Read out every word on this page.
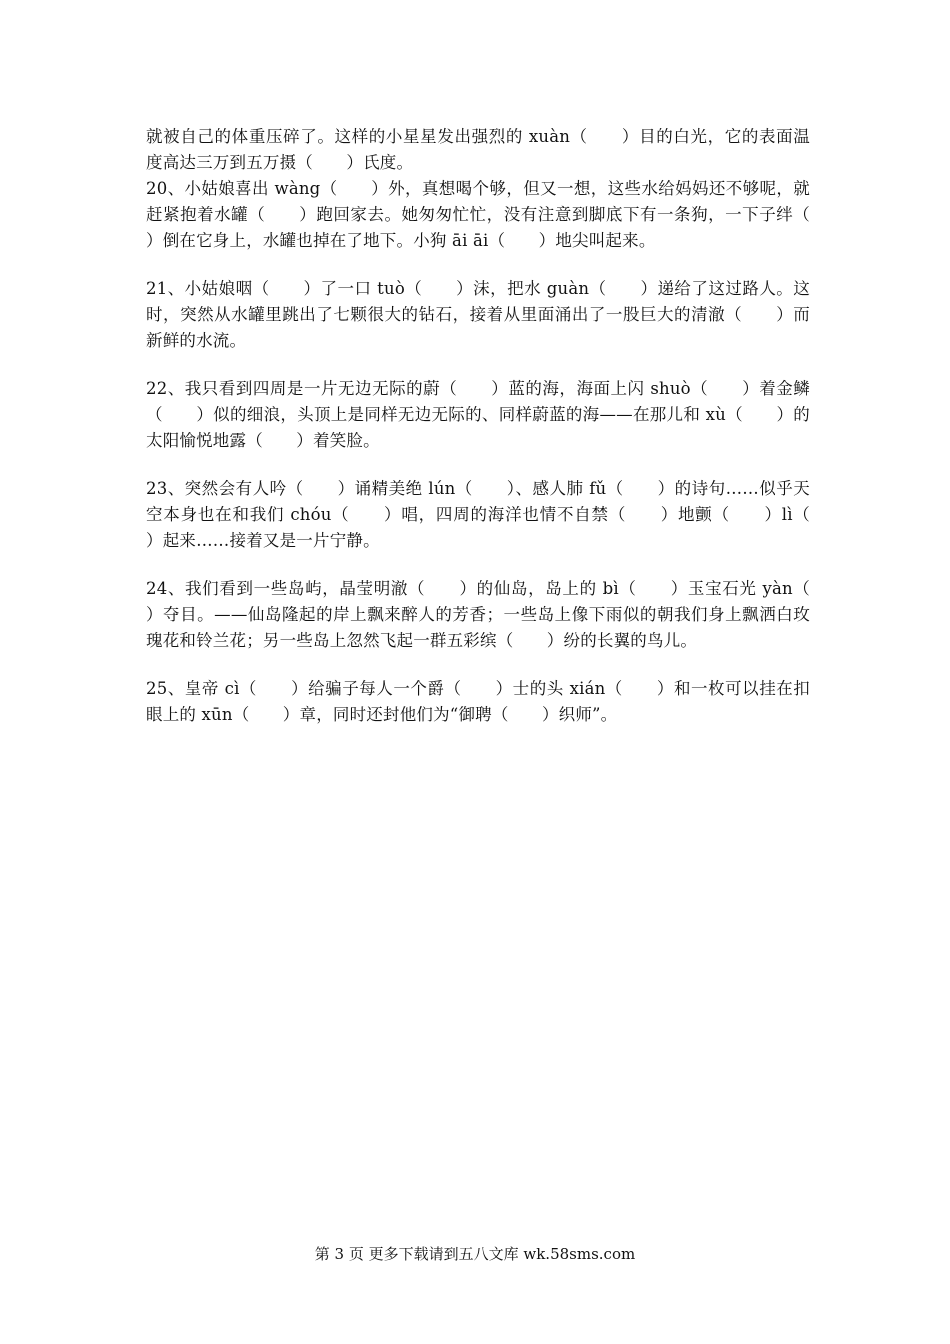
就被自己的体重压碎了。这样的小星星发出强烈的 xuàn（　　）目的白光，它的表面温度高达三万到五万摄（　　）氏度。

20、小姑娘喜出 wàng（　　）外，真想喝个够，但又一想，这些水给妈妈还不够呢，就赶紧抱着水罐（　　）跑回家去。她匆匆忙忙，没有注意到脚底下有一条狗，一下子绊（　　）倒在它身上，水罐也掉在了地下。小狗 āi āi（　　）地尖叫起来。

21、小姑娘咽（　　）了一口 tuò（　　）沫，把水 guàn（　　）递给了这过路人。这时，突然从水罐里跳出了七颗很大的钻石，接着从里面涌出了一股巨大的清澈（　　）而新鲜的水流。

22、我只看到四周是一片无边无际的蔚（　　）蓝的海，海面上闪 shuò（　　）着金鳞（　　）似的细浪，头顶上是同样无边无际的、同样蔚蓝的海——在那儿和 xù（　　）的太阳愉悦地露（　　）着笑脸。

23、突然会有人吟（　　）诵精美绝 lún（　　）、感人肺 fǔ（　　）的诗句……似乎天空本身也在和我们 chóu（　　）唱，四周的海洋也情不自禁（　　）地颤（　　）lì（　　）起来……接着又是一片宁静。

24、我们看到一些岛屿，晶莹明澈（　　）的仙岛，岛上的 bì（　　）玉宝石光 yàn（　　）夺目。——仙岛隆起的岸上飘来醉人的芳香；一些岛上像下雨似的朝我们身上飘洒白玫瑰花和铃兰花；另一些岛上忽然飞起一群五彩缤（　　）纷的长翼的鸟儿。

25、皇帝 cì（　　）给骗子每人一个爵（　　）士的头 xián（　　）和一枚可以挂在扣眼上的 xūn（　　）章，同时还封他们为“御聘（　　）织师”。

第 3 页 更多下载请到五八文库 wk.58sms.com
